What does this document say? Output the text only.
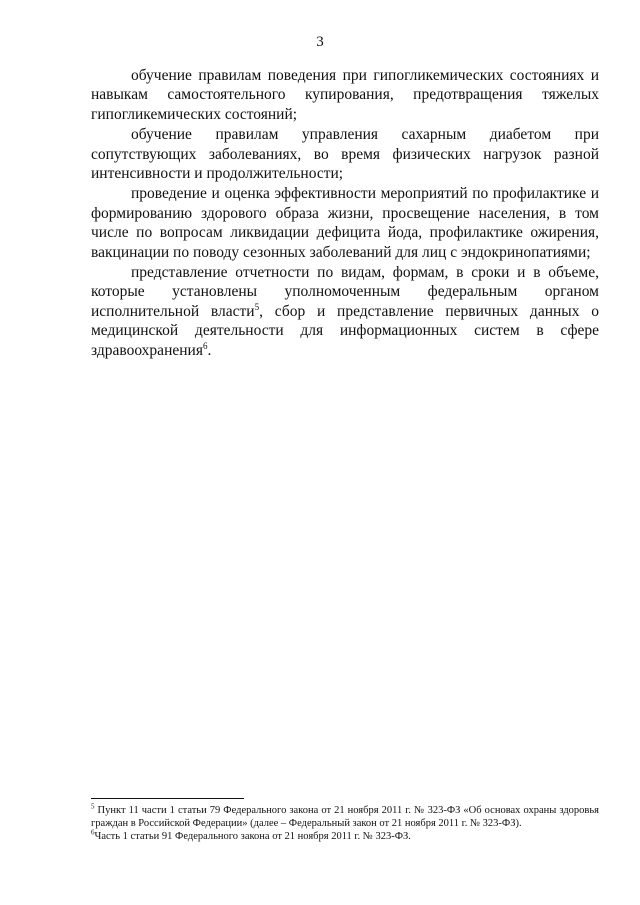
3

обучение правилам поведения при гипогликемических состояниях и навыкам самостоятельного купирования, предотвращения тяжелых гипогликемических состояний;

обучение правилам управления сахарным диабетом при сопутствующих заболеваниях, во время физических нагрузок разной интенсивности и продолжительности;

проведение и оценка эффективности мероприятий по профилактике и формированию здорового образа жизни, просвещение населения, в том числе по вопросам ликвидации дефицита йода, профилактике ожирения, вакцинации по поводу сезонных заболеваний для лиц с эндокринопатиями;

представление отчетности по видам, формам, в сроки и в объеме, которые установлены уполномоченным федеральным органом исполнительной власти$^5$, сбор и представление первичных данных о медицинской деятельности для информационных систем в сфере здравоохранения$^6$.

$^5$ Пункт 11 части 1 статьи 79 Федерального закона от 21 ноября 2011 г. № 323-ФЗ «Об основах охраны здоровья граждан в Российской Федерации» (далее – Федеральный закон от 21 ноября 2011 г. № 323-ФЗ).

$^6$Часть 1 статьи 91 Федерального закона от 21 ноября 2011 г. № 323-ФЗ.
